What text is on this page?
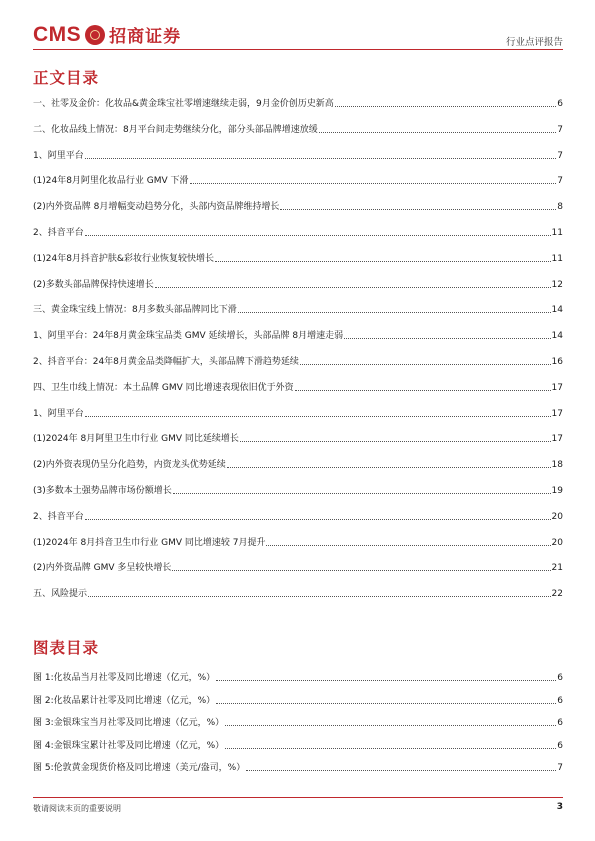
CMS 招商证券	行业点评报告
正文目录
一、 社零及金价：化妆品&黄金珠宝社零增速继续走弱，9月金价创历史新高	6
二、 化妆品线上情况：8月平台间走势继续分化，部分头部品牌增速放缓	7
1、 阿里平台	7
(1) 24年8月阿里化妆品行业 GMV 下滑	7
(2) 内外资品牌 8月增幅变动趋势分化，头部内资品牌维持增长	8
2、 抖音平台	11
(1) 24年8月抖音护肤&彩妆行业恢复较快增长	11
(2) 多数头部品牌保持快速增长	12
三、 黄金珠宝线上情况：8月多数头部品牌同比下滑	14
1、 阿里平台：24年8月黄金珠宝品类 GMV 延续增长，头部品牌 8月增速走弱	14
2、 抖音平台：24年8月黄金品类降幅扩大，头部品牌下滑趋势延续	16
四、 卫生巾线上情况：本土品牌 GMV 同比增速表现依旧优于外资	17
1、 阿里平台	17
(1) 2024年 8月阿里卫生巾行业 GMV 同比延续增长	17
(2) 内外资表现仍呈分化趋势，内资龙头优势延续	18
(3) 多数本土强势品牌市场份额增长	19
2、 抖音平台	20
(1) 2024年 8月抖音卫生巾行业 GMV 同比增速较 7月提升	20
(2) 内外资品牌 GMV 多呈较快增长	21
五、 风险提示	22
图表目录
图 1: 化妆品当月社零及同比增速（亿元，%）	6
图 2: 化妆品累计社零及同比增速（亿元，%）	6
图 3: 金银珠宝当月社零及同比增速（亿元，%）	6
图 4: 金银珠宝累计社零及同比增速（亿元，%）	6
图 5: 伦敦黄金现货价格及同比增速（美元/盎司，%）	7
敬请阅读末页的重要说明	3
